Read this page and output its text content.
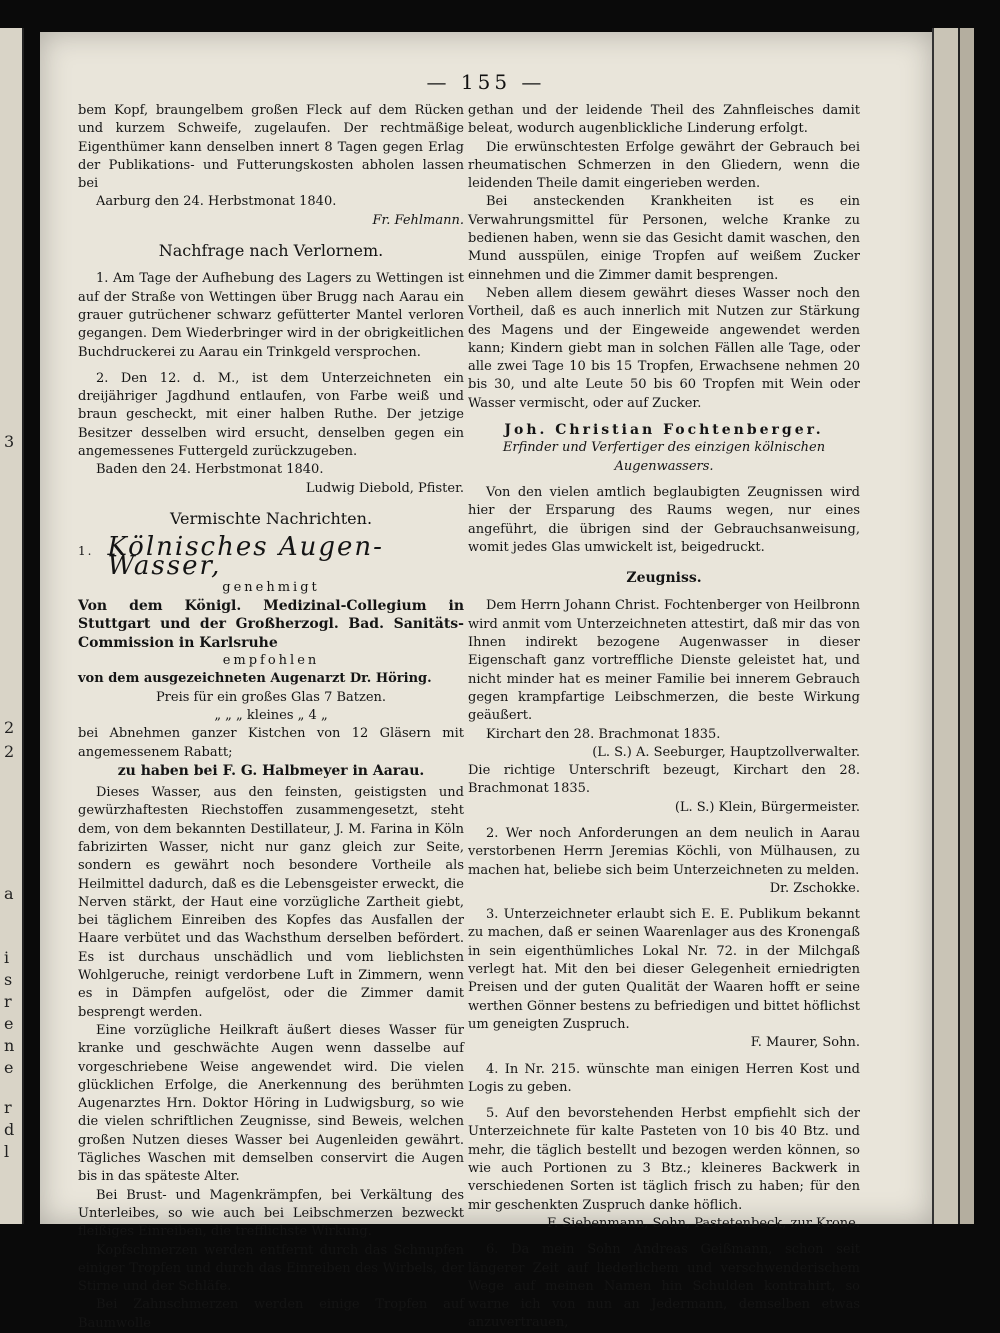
3
2
2
a
i
s
r
e
n
e
r
d
l
— 155 —

bem Kopf, braungelbem großen Fleck auf dem Rücken und kurzem Schweife, zugelaufen. Der rechtmäßige Eigenthümer kann denselben innert 8 Tagen gegen Erlag der Publikations- und Futterungskosten abholen lassen bei

Aarburg den 24. Herbstmonat 1840.

Fr. Fehlmann.

Nachfrage nach Verlornem.

1. Am Tage der Aufhebung des Lagers zu Wettingen ist auf der Straße von Wettingen über Brugg nach Aarau ein grauer gutrüchener schwarz gefütterter Mantel verloren gegangen. Dem Wiederbringer wird in der obrigkeitlichen Buchdruckerei zu Aarau ein Trinkgeld versprochen.

2. Den 12. d. M., ist dem Unterzeichneten ein dreijähriger Jagdhund entlaufen, von Farbe weiß und braun gescheckt, mit einer halben Ruthe. Der jetzige Besitzer desselben wird ersucht, denselben gegen ein angemessenes Futtergeld zurückzugeben.

Baden den 24. Herbstmonat 1840.

Ludwig Diebold, Pfister.

Vermischte Nachrichten.
1. Kölnisches Augen-Wasser,

genehmigt

Von dem Königl. Medizinal-Collegium in Stuttgart und der Großherzogl. Bad. Sanitäts-Commission in Karlsruhe

empfohlen

von dem ausgezeichneten Augenarzt Dr. Höring.

Preis für ein großes Glas 7 Batzen.

„ „ „ kleines „ 4 „

bei Abnehmen ganzer Kistchen von 12 Gläsern mit angemessenem Rabatt;

zu haben bei F. G. Halbmeyer in Aarau.

Dieses Wasser, aus den feinsten, geistigsten und gewürzhaftesten Riechstoffen zusammengesetzt, steht dem, von dem bekannten Destillateur, J. M. Farina in Köln fabrizirten Wasser, nicht nur ganz gleich zur Seite, sondern es gewährt noch besondere Vortheile als Heilmittel dadurch, daß es die Lebensgeister erweckt, die Nerven stärkt, der Haut eine vorzügliche Zartheit giebt, bei täglichem Einreiben des Kopfes das Ausfallen der Haare verbütet und das Wachsthum derselben befördert. Es ist durchaus unschädlich und vom lieblichsten Wohlgeruche, reinigt verdorbene Luft in Zimmern, wenn es in Dämpfen aufgelöst, oder die Zimmer damit besprengt werden.

Eine vorzügliche Heilkraft äußert dieses Wasser für kranke und geschwächte Augen wenn dasselbe auf vorgeschriebene Weise angewendet wird. Die vielen glücklichen Erfolge, die Anerkennung des berühmten Augenarztes Hrn. Doktor Höring in Ludwigsburg, so wie die vielen schriftlichen Zeugnisse, sind Beweis, welchen großen Nutzen dieses Wasser bei Augenleiden gewährt. Tägliches Waschen mit demselben conservirt die Augen bis in das späteste Alter.

Bei Brust- und Magenkrämpfen, bei Verkältung des Unterleibes, so wie auch bei Leibschmerzen bezweckt fleißiges Einreiben, die trefflichste Wirkung.

Kopfschmerzen werden entfernt durch das Schnupfen einiger Tropfen und durch das Einreiben des Wirbels, der Stirne und der Schläfe.

Bei Zahnschmerzen werden einige Tropfen auf Baumwolle

gethan und der leidende Theil des Zahnfleisches damit beleat, wodurch augenblickliche Linderung erfolgt.

Die erwünschtesten Erfolge gewährt der Gebrauch bei rheumatischen Schmerzen in den Gliedern, wenn die leidenden Theile damit eingerieben werden.

Bei ansteckenden Krankheiten ist es ein Verwahrungsmittel für Personen, welche Kranke zu bedienen haben, wenn sie das Gesicht damit waschen, den Mund ausspülen, einige Tropfen auf weißem Zucker einnehmen und die Zimmer damit besprengen.

Neben allem diesem gewährt dieses Wasser noch den Vortheil, daß es auch innerlich mit Nutzen zur Stärkung des Magens und der Eingeweide angewendet werden kann; Kindern giebt man in solchen Fällen alle Tage, oder alle zwei Tage 10 bis 15 Tropfen, Erwachsene nehmen 20 bis 30, und alte Leute 50 bis 60 Tropfen mit Wein oder Wasser vermischt, oder auf Zucker.

Joh. Christian Fochtenberger.

Erfinder und Verfertiger des einzigen kölnischen Augenwassers.

Von den vielen amtlich beglaubigten Zeugnissen wird hier der Ersparung des Raums wegen, nur eines angeführt, die übrigen sind der Gebrauchsanweisung, womit jedes Glas umwickelt ist, beigedruckt.

Zeugniss.

Dem Herrn Johann Christ. Fochtenberger von Heilbronn wird anmit vom Unterzeichneten attestirt, daß mir das von Ihnen indirekt bezogene Augenwasser in dieser Eigenschaft ganz vortreffliche Dienste geleistet hat, und nicht minder hat es meiner Familie bei innerem Gebrauch gegen krampfartige Leibschmerzen, die beste Wirkung geäußert.

Kirchart den 28. Brachmonat 1835.

(L. S.) A. Seeburger, Hauptzollverwalter.

Die richtige Unterschrift bezeugt, Kirchart den 28. Brachmonat 1835.

(L. S.) Klein, Bürgermeister.

2. Wer noch Anforderungen an dem neulich in Aarau verstorbenen Herrn Jeremias Köchli, von Mülhausen, zu machen hat, beliebe sich beim Unterzeichneten zu melden.

Dr. Zschokke.

3. Unterzeichneter erlaubt sich E. E. Publikum bekannt zu machen, daß er seinen Waarenlager aus des Kronengaß in sein eigenthümliches Lokal Nr. 72. in der Milchgaß verlegt hat. Mit den bei dieser Gelegenheit erniedrigten Preisen und der guten Qualität der Waaren hofft er seine werthen Gönner bestens zu befriedigen und bittet höflichst um geneigten Zuspruch.

F. Maurer, Sohn.

4. In Nr. 215. wünschte man einigen Herren Kost und Logis zu geben.

5. Auf den bevorstehenden Herbst empfiehlt sich der Unterzeichnete für kalte Pasteten von 10 bis 40 Btz. und mehr, die täglich bestellt und bezogen werden können, so wie auch Portionen zu 3 Btz.; kleineres Backwerk in verschiedenen Sorten ist täglich frisch zu haben; für den mir geschenkten Zuspruch danke höflich.

F. Siebenmann, Sohn, Pastetenbeck, zur Krone.

6. Da mein Sohn Andreas Geißmann, schon seit längerer Zeit auf liederlichem und verschwenderischem Wege auf meinen Namen hin Schulden kontrahirt, so warne ich von nun an Jedermann, demselben etwas anzuvertrauen,
